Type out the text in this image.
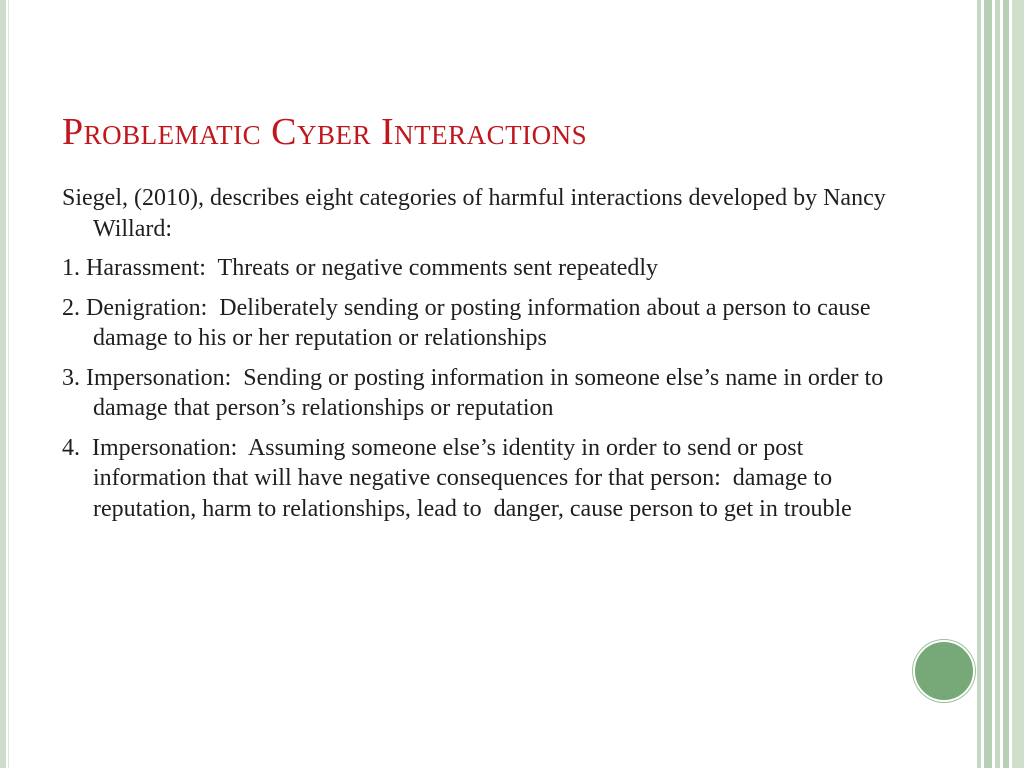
Problematic Cyber Interactions

Siegel, (2010), describes eight categories of harmful interactions developed by Nancy Willard:

1. Harassment:  Threats or negative comments sent repeatedly

2. Denigration:  Deliberately sending or posting information about a person to cause damage to his or her reputation or relationships

3. Impersonation:  Sending or posting information in someone else’s name in order to damage that person’s relationships or reputation

4.  Impersonation:  Assuming someone else’s identity in order to send or post information that will have negative consequences for that person:  damage to  reputation, harm to relationships, lead to  danger, cause person to get in trouble
